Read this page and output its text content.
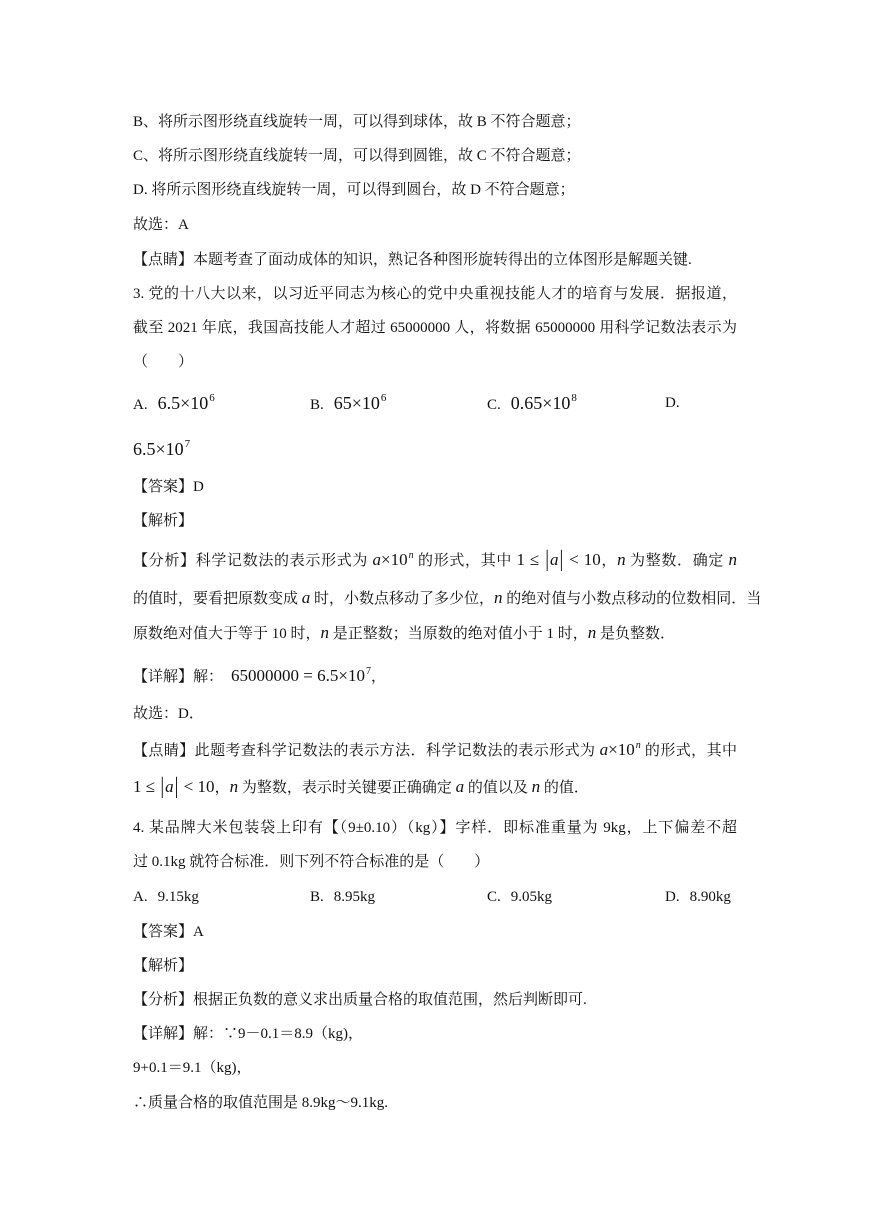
B、将所示图形绕直线旋转一周，可以得到球体，故 B 不符合题意；
C、将所示图形绕直线旋转一周，可以得到圆锥，故 C 不符合题意；
D. 将所示图形绕直线旋转一周，可以得到圆台，故 D 不符合题意；
故选：A
【点睛】本题考查了面动成体的知识，熟记各种图形旋转得出的立体图形是解题关键.
3. 党的十八大以来，以习近平同志为核心的党中央重视技能人才的培育与发展．据报道，
截至 2021 年底，我国高技能人才超过 65000000 人，将数据 65000000 用科学记数法表示为
（　　）
A. $6.5\times 10^6$	B. $65\times 10^6$	C. $0.65\times 10^8$	D.
$6.5\times 10^7$
【答案】D
【解析】
【分析】科学记数法的表示形式为 $a\times 10^n$ 的形式，其中 1 ≤ |a| < 10，n 为整数．确定 n
的值时，要看把原数变成 a 时，小数点移动了多少位，n 的绝对值与小数点移动的位数相同．当
原数绝对值大于等于 10 时，n 是正整数；当原数的绝对值小于 1 时，n 是负整数．
【详解】解： $65000000 = 6.5\times 10^7$，
故选：D．
【点睛】此题考查科学记数法的表示方法．科学记数法的表示形式为 $a\times 10^n$ 的形式，其中
1 ≤ |a| < 10，n 为整数，表示时关键要正确确定 a 的值以及 n 的值．
4. 某品牌大米包装袋上印有【（9±0.10）（kg）】字样．即标准重量为 9kg，上下偏差不超
过 0.1kg 就符合标准．则下列不符合标准的是（　　）
A. 9.15kg	B. 8.95kg	C. 9.05kg	D. 8.90kg
【答案】A
【解析】
【分析】根据正负数的意义求出质量合格的取值范围，然后判断即可.
【详解】解：∵9－0.1＝8.9（kg)，
9+0.1＝9.1（kg)，
∴质量合格的取值范围是 8.9kg～9.1kg.
